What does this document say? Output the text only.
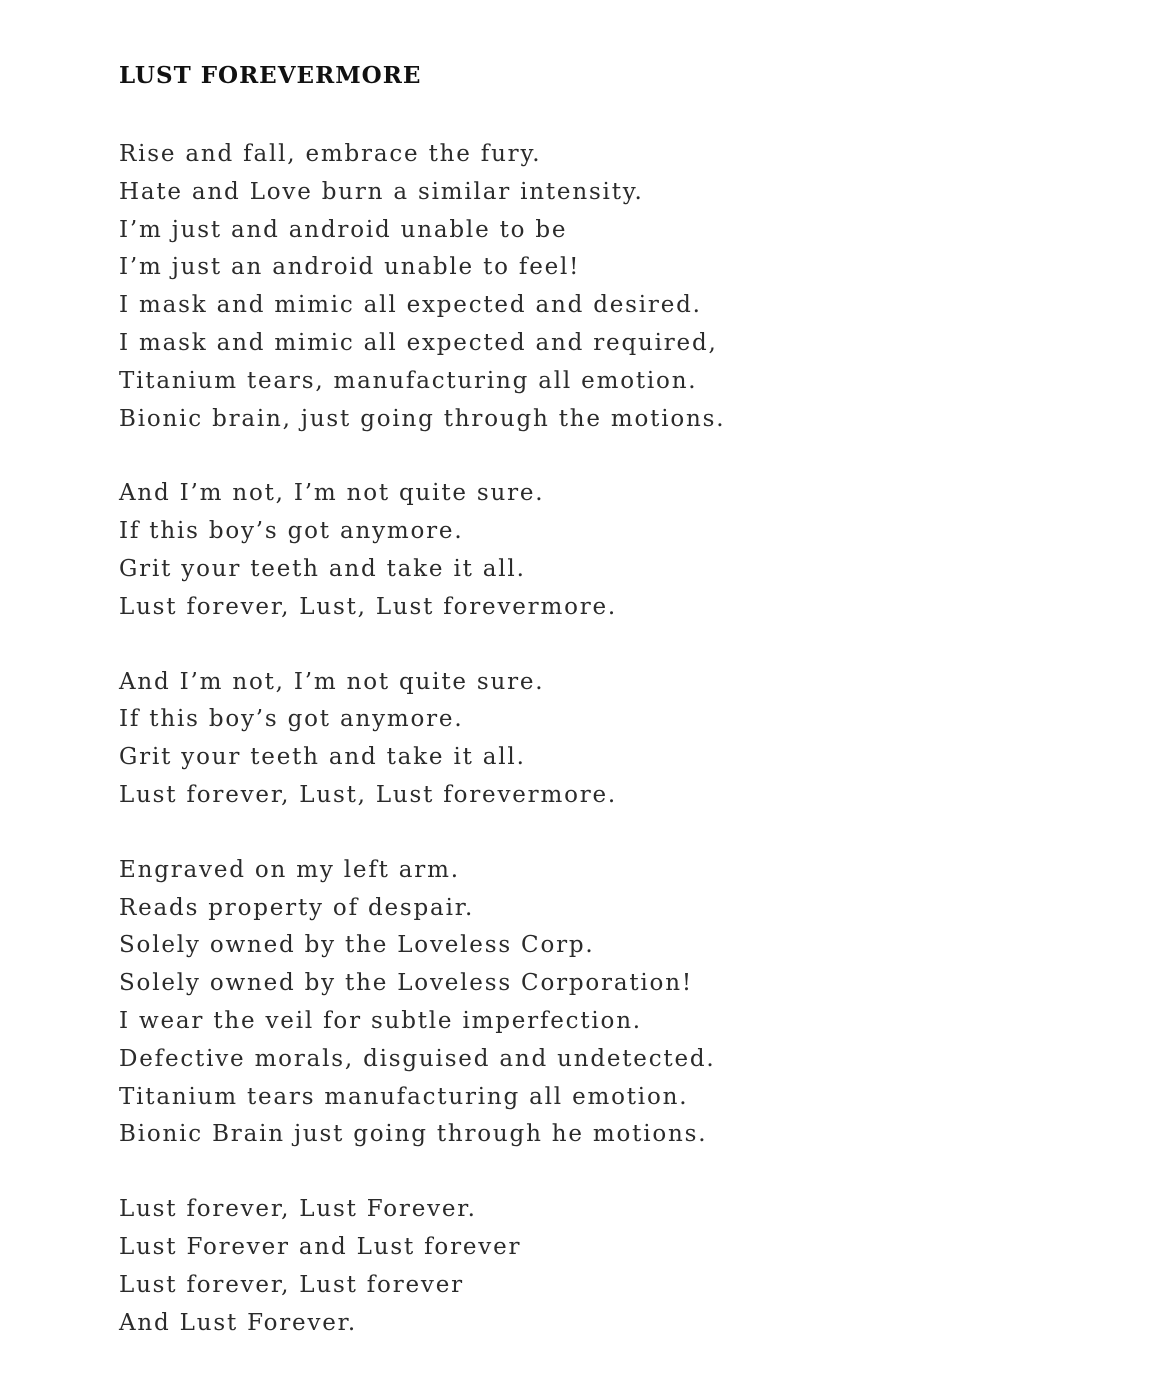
LUST FOREVERMORE
Rise and fall, embrace the fury.
Hate and Love burn a similar intensity.
I’m just and android unable to be
I’m just an android unable to feel!
I mask and mimic all expected and desired.
I mask and mimic all expected and required,
Titanium tears, manufacturing all emotion.
Bionic brain, just going through the motions.
And I’m not, I’m not quite sure.
If this boy’s got anymore.
Grit your teeth and take it all.
Lust forever, Lust, Lust forevermore.
And I’m not, I’m not quite sure.
If this boy’s got anymore.
Grit your teeth and take it all.
Lust forever, Lust, Lust forevermore.
Engraved on my left arm.
Reads property of despair.
Solely owned by the Loveless Corp.
Solely owned by the Loveless Corporation!
I wear the veil for subtle imperfection.
Defective morals, disguised and undetected.
Titanium tears manufacturing all emotion.
Bionic Brain just going through he motions.
Lust forever, Lust Forever.
Lust Forever and Lust forever
Lust forever, Lust forever
And Lust Forever.
